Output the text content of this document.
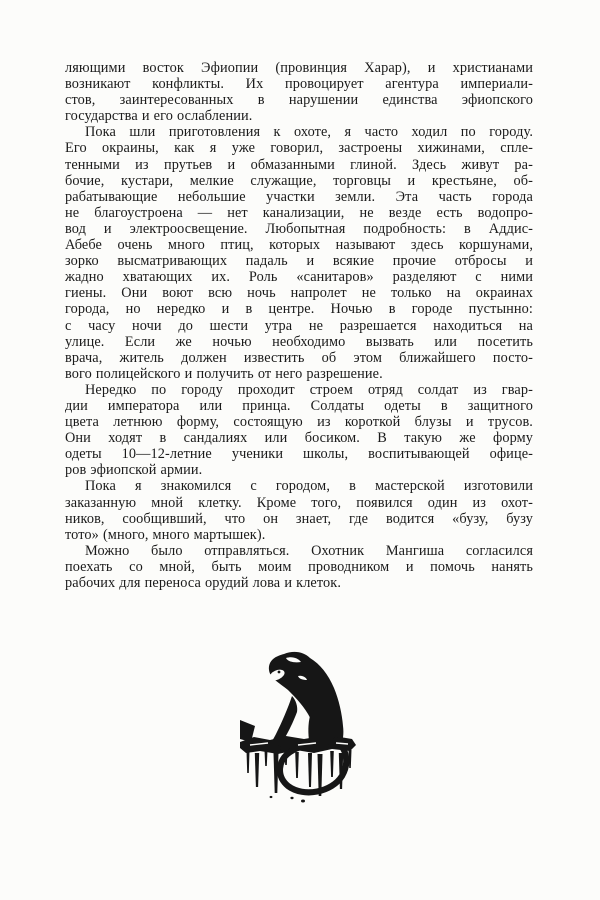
ляющими восток Эфиопии (провинция Харар), и христианами
возникают конфликты. Их провоцирует агентура империали-
стов, заинтересованных в нарушении единства эфиопского
государства и его ослаблении.
Пока шли приготовления к охоте, я часто ходил по городу.
Его окраины, как я уже говорил, застроены хижинами, спле-
тенными из прутьев и обмазанными глиной. Здесь живут ра-
бочие, кустари, мелкие служащие, торговцы и крестьяне, об-
рабатывающие небольшие участки земли. Эта часть города
не благоустроена — нет канализации, не везде есть водопро-
вод и электроосвещение. Любопытная подробность: в Аддис-
Абебе очень много птиц, которых называют здесь коршунами,
зорко высматривающих падаль и всякие прочие отбросы и
жадно хватающих их. Роль «санитаров» разделяют с ними
гиены. Они воют всю ночь напролет не только на окраинах
города, но нередко и в центре. Ночью в городе пустынно:
с часу ночи до шести утра не разрешается находиться на
улице. Если же ночью необходимо вызвать или посетить
врача, житель должен известить об этом ближайшего посто-
вого полицейского и получить от него разрешение.
Нередко по городу проходит строем отряд солдат из гвар-
дии императора или принца. Солдаты одеты в защитного
цвета летнюю форму, состоящую из короткой блузы и трусов.
Они ходят в сандалиях или босиком. В такую же форму
одеты 10—12-летние ученики школы, воспитывающей офице-
ров эфиопской армии.
Пока я знакомился с городом, в мастерской изготовили
заказанную мной клетку. Кроме того, появился один из охот-
ников, сообщивший, что он знает, где водится «бузу, бузу
тото» (много, много мартышек).
Можно было отправляться. Охотник Мангиша согласился
поехать со мной, быть моим проводником и помочь нанять
рабочих для переноса орудий лова и клеток.
